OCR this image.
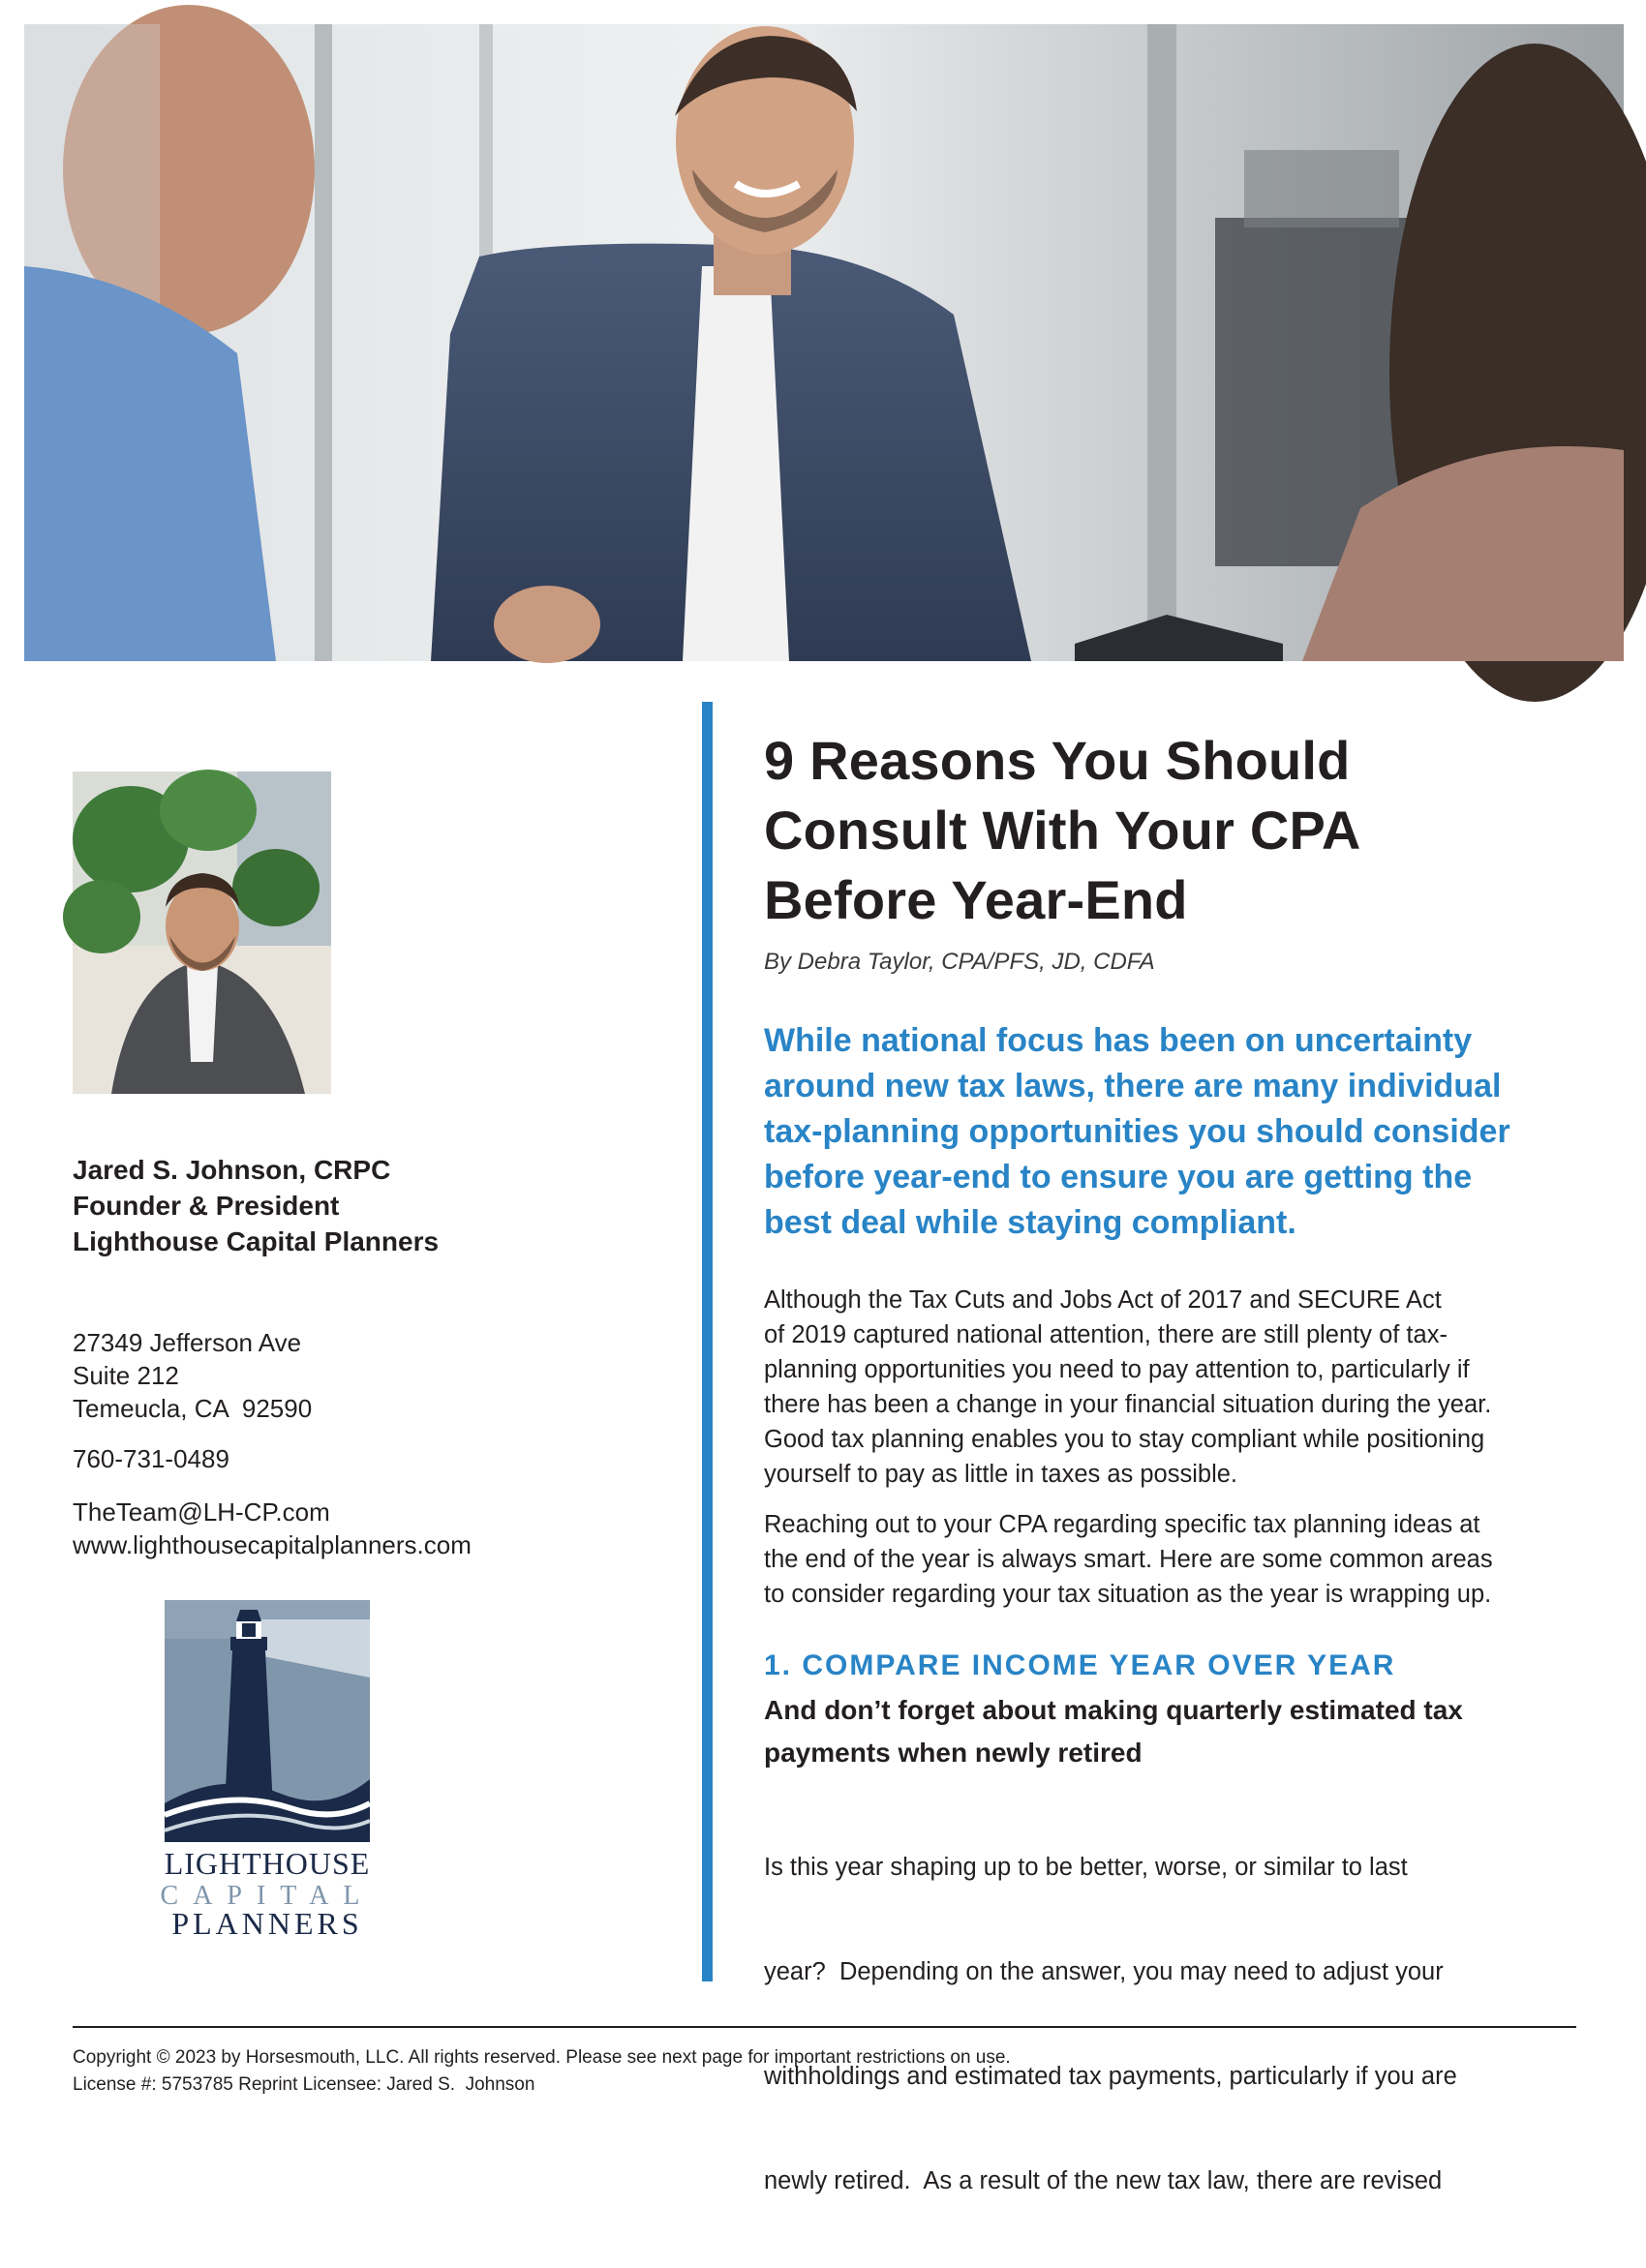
Jared S. Johnson, CRPC
Founder & President
Lighthouse Capital Planners
27349 Jefferson Ave
Suite 212
Temeucla, CA  92590
760-731-0489
TheTeam@LH-CP.com
www.lighthousecapitalplanners.com
LIGHTHOUSE
CAPITAL
PLANNERS
9 Reasons You Should
Consult With Your CPA
Before Year-End
By Debra Taylor, CPA/PFS, JD, CDFA
While national focus has been on uncertainty
around new tax laws, there are many individual
tax-planning opportunities you should consider
before year-end to ensure you are getting the
best deal while staying compliant.
Although the Tax Cuts and Jobs Act of 2017 and SECURE Act
of 2019 captured national attention, there are still plenty of tax-
planning opportunities you need to pay attention to, particularly if
there has been a change in your financial situation during the year.
Good tax planning enables you to stay compliant while positioning
yourself to pay as little in taxes as possible.
Reaching out to your CPA regarding specific tax planning ideas at
the end of the year is always smart. Here are some common areas
to consider regarding your tax situation as the year is wrapping up.
1. COMPARE INCOME YEAR OVER YEAR
And don’t forget about making quarterly estimated tax
payments when newly retired

Is this year shaping up to be better, worse, or similar to last

year?  Depending on the answer, you may need to adjust your

withholdings and estimated tax payments, particularly if you are

newly retired.  As a result of the new tax law, there are revised

Copyright © 2023 by Horsesmouth, LLC. All rights reserved. Please see next page for important restrictions on use.
License #: 5753785 Reprint Licensee: Jared S.  Johnson
